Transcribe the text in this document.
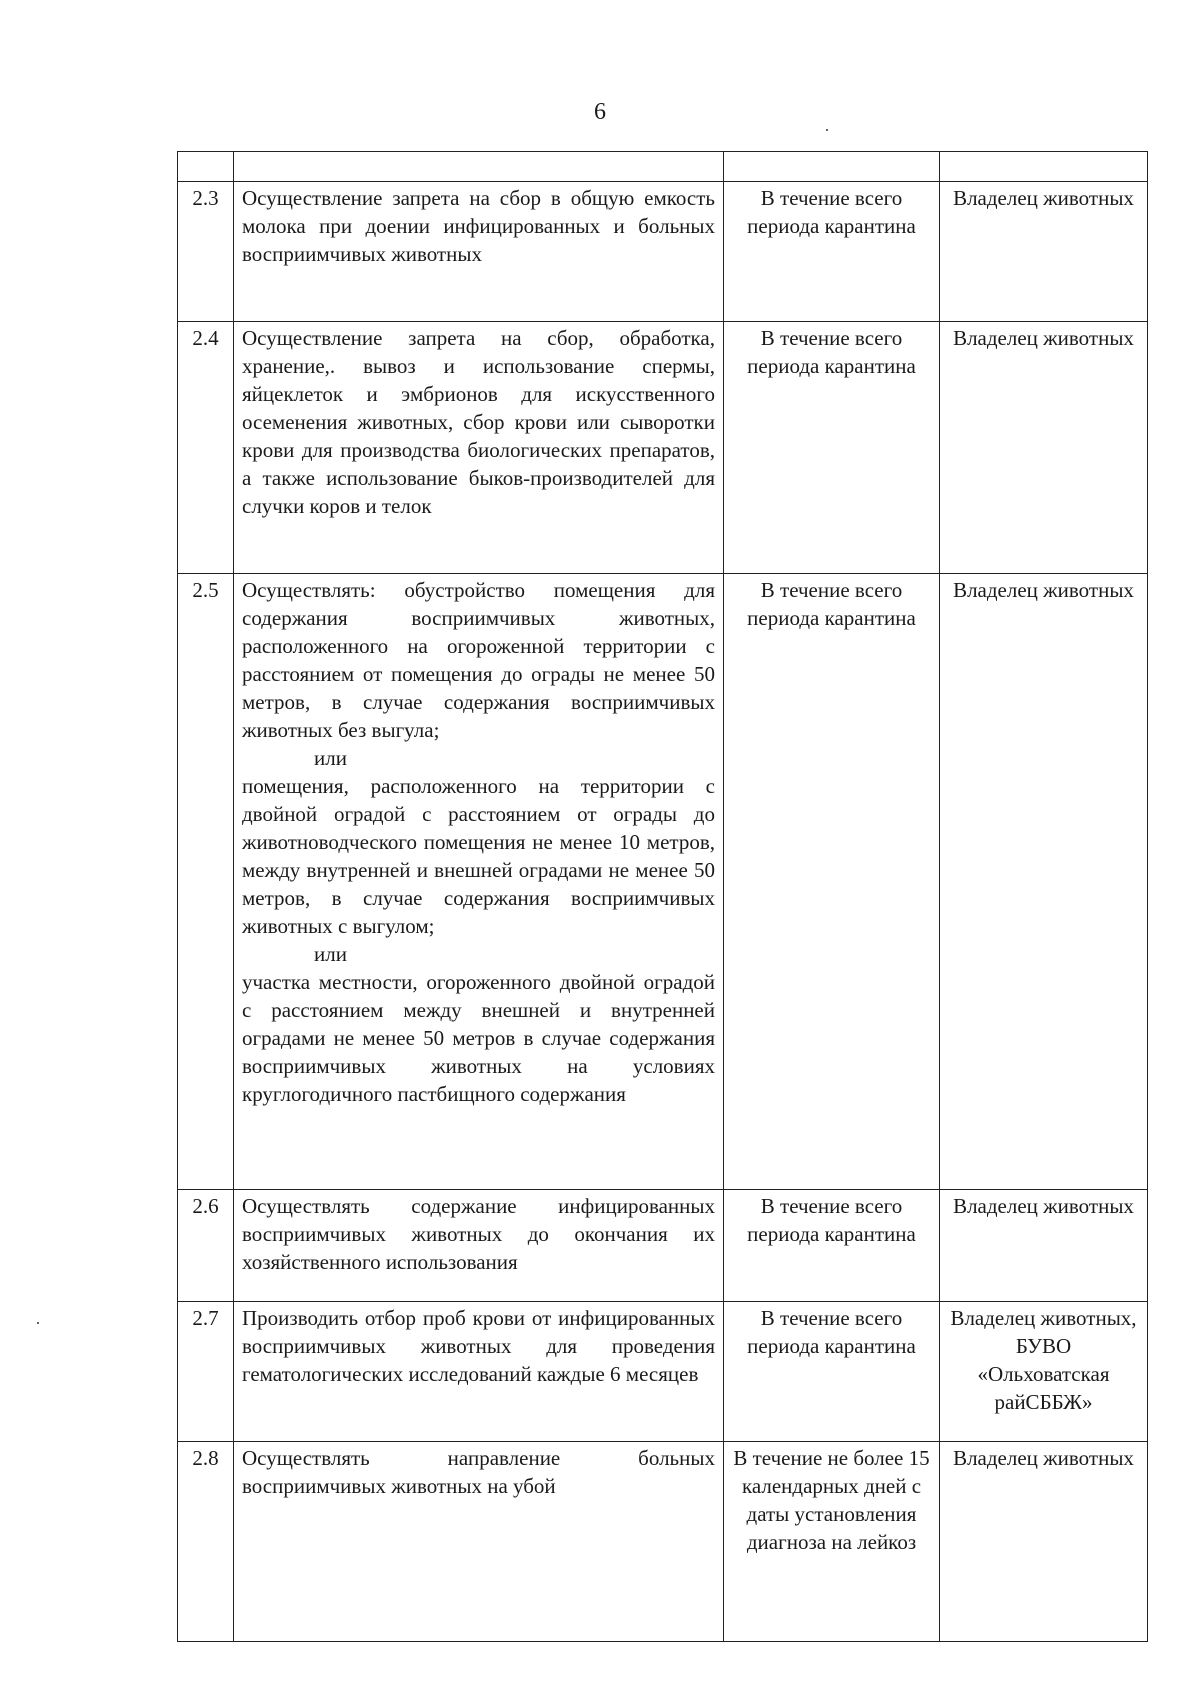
6

2.3	Осуществление запрета на сбор в общую емкость молока при доении инфицированных и больных восприимчивых животных	В течение всего периода карантина	Владелец животных
2.4	Осуществление запрета на сбор, обработка, хранение,. вывоз и использование спермы, яйцеклеток и эмбрионов для искусственного осеменения животных, сбор крови или сыворотки крови для производства биологических препаратов, а также использование быков-производителей для случки коров и телок	В течение всего периода карантина	Владелец животных
2.5	Осуществлять: обустройство помещения для содержания восприимчивых животных, расположенного на огороженной территории с расстоянием от помещения до ограды не менее 50 метров, в случае содержания восприимчивых животных без выгула;
или
помещения, расположенного на территории с двойной оградой с расстоянием от ограды до животноводческого помещения не менее 10 метров, между внутренней и внешней оградами не менее 50 метров, в случае содержания восприимчивых животных с выгулом;
или
участка местности, огороженного двойной оградой с расстоянием между внешней и внутренней оградами не менее 50 метров в случае содержания восприимчивых животных на условиях круглогодичного пастбищного содержания	В течение всего периода карантина	Владелец животных
2.6	Осуществлять содержание инфицированных восприимчивых животных до окончания их хозяйственного использования	В течение всего периода карантина	Владелец животных
2.7	Производить отбор проб крови от инфицированных восприимчивых животных для проведения гематологических исследований каждые 6 месяцев	В течение всего периода карантина	Владелец животных, БУВО «Ольховатская райСББЖ»
2.8	Осуществлять направление больных восприимчивых животных на убой	В течение не более 15 календарных дней с даты установления диагноза на лейкоз	Владелец животных
